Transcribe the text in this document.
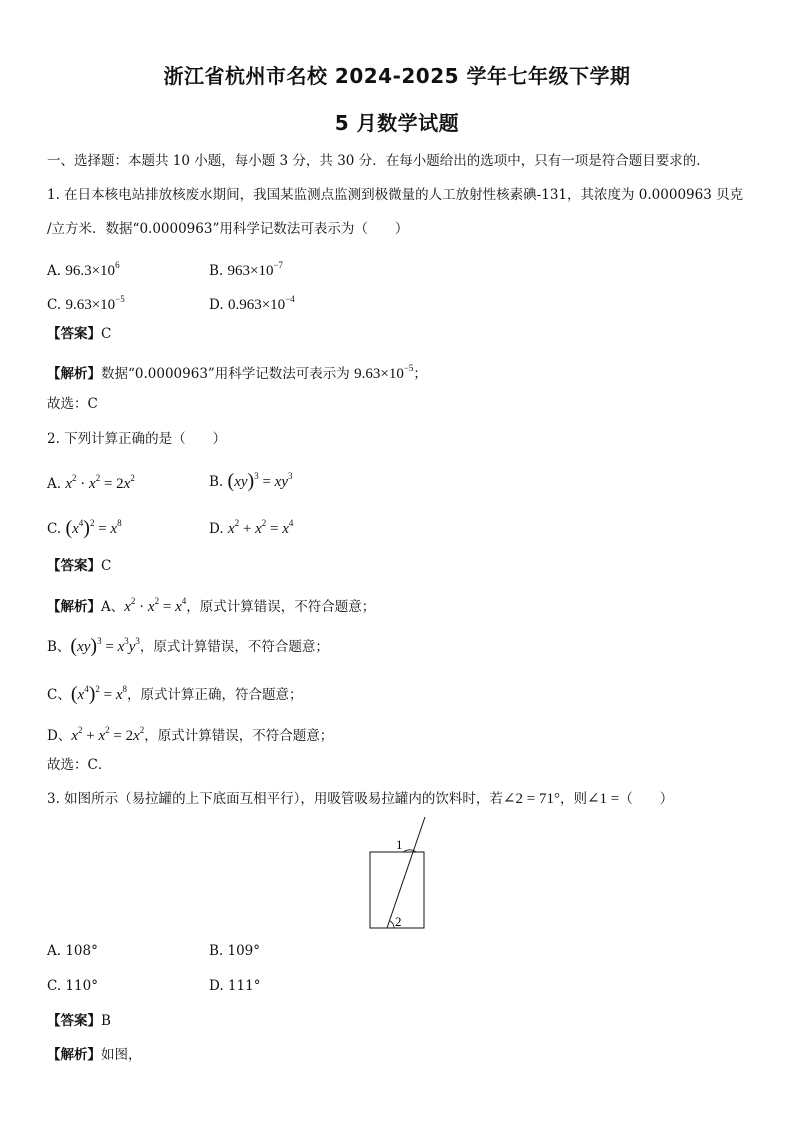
浙江省杭州市名校 2024-2025 学年七年级下学期
5 月数学试题
一、选择题：本题共 10 小题，每小题 3 分，共 30 分．在每小题给出的选项中，只有一项是符合题目要求的．
1. 在日本核电站排放核废水期间，我国某监测点监测到极微量的人工放射性核素碘-131，其浓度为 0.0000963 贝克
/立方米．数据“0.0000963”用科学记数法可表示为（　　）
A. $96.3\times 10^6$	B. $963\times 10^{-7}$
C. $9.63\times 10^{-5}$	D. $0.963\times 10^{-4}$
【答案】C
【解析】数据“0.0000963”用科学记数法可表示为 $9.63\times 10^{-5}$；
故选：C
2. 下列计算正确的是（　　）
A. $x^2 \cdot x^2 = 2x^2$	B. $(xy)^3 = xy^3$
C. $(x^4)^2 = x^8$	D. $x^2 + x^2 = x^4$
【答案】C
【解析】A、$x^2 \cdot x^2 = x^4$，原式计算错误，不符合题意；
B、$(xy)^3 = x^3y^3$，原式计算错误，不符合题意；
C、$(x^4)^2 = x^8$，原式计算正确，符合题意；
D、$x^2 + x^2 = 2x^2$，原式计算错误，不符合题意；
故选：C．
3. 如图所示（易拉罐的上下底面互相平行），用吸管吸易拉罐内的饮料时，若∠2 = 71°，则∠1 =（　　）
1
2
A. 108°	B. 109°
C. 110°	D. 111°
【答案】B
【解析】如图，
